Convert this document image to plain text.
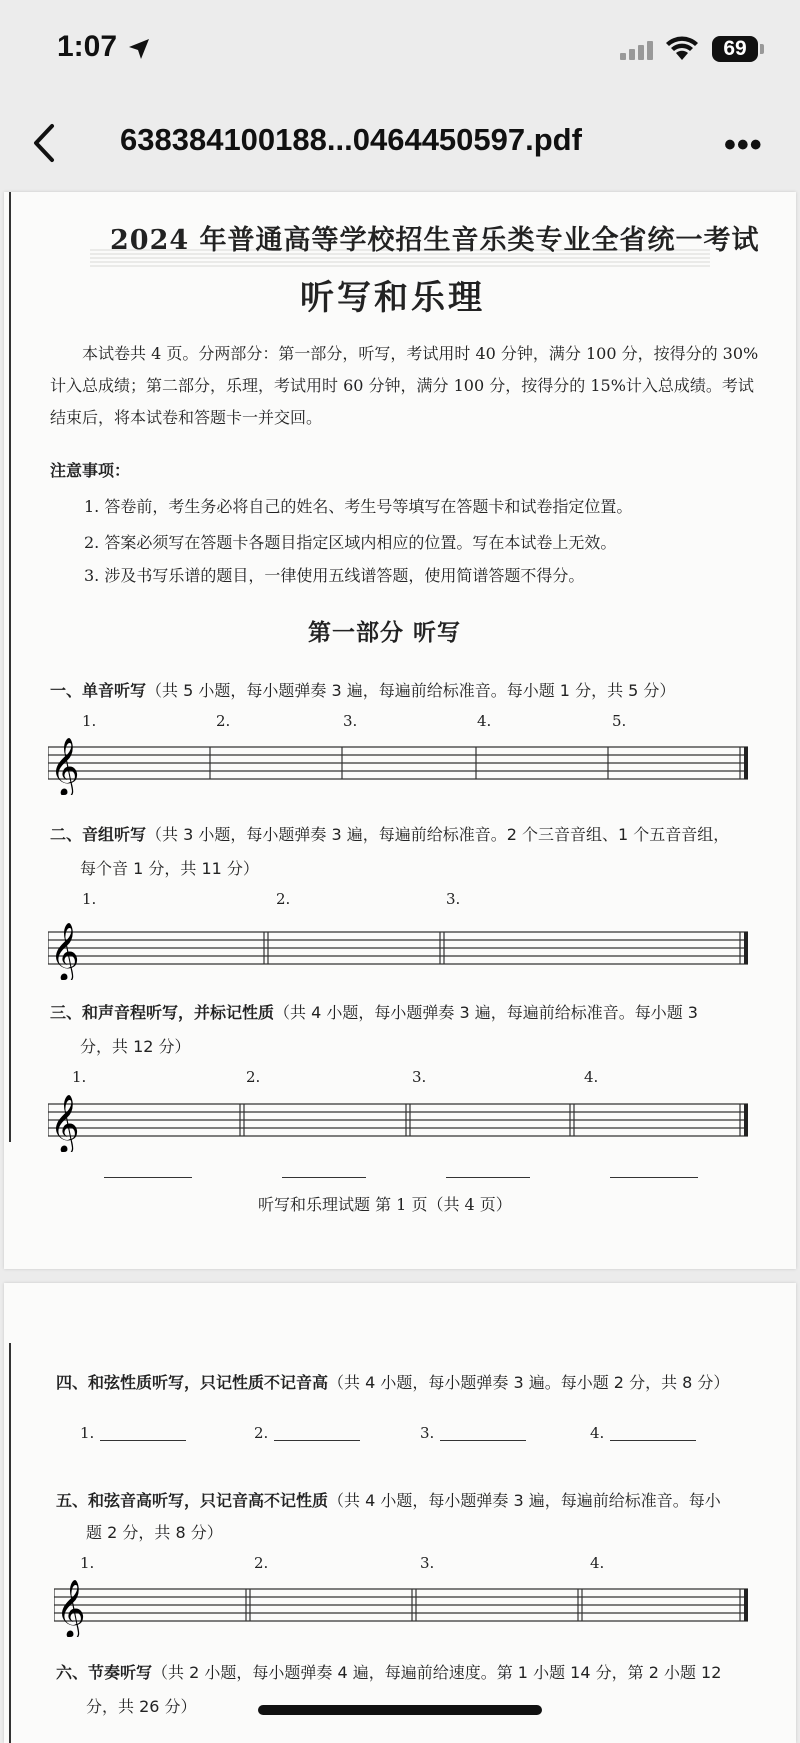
1:07	69
638384100188...0464450597.pdf	•••
2024 年普通高等学校招生音乐类专业全省统一考试
听写和乐理
本试卷共 4 页。分两部分：第一部分，听写，考试用时 40 分钟，满分 100 分，按得分的 30%计入总成绩；第二部分，乐理，考试用时 60 分钟，满分 100 分，按得分的 15%计入总成绩。考试结束后，将本试卷和答题卡一并交回。
注意事项：
1. 答卷前，考生务必将自己的姓名、考生号等填写在答题卡和试卷指定位置。
2. 答案必须写在答题卡各题目指定区域内相应的位置。写在本试卷上无效。
3. 涉及书写乐谱的题目，一律使用五线谱答题，使用简谱答题不得分。
第一部分 听写
一、单音听写（共 5 小题，每小题弹奏 3 遍，每遍前给标准音。每小题 1 分，共 5 分）
1.	2.	3.	4.	5.
𝄞
二、音组听写（共 3 小题，每小题弹奏 3 遍，每遍前给标准音。2 个三音音组、1 个五音音组，
每个音 1 分，共 11 分）
1.	2.	3.
𝄞
三、和声音程听写，并标记性质（共 4 小题，每小题弹奏 3 遍，每遍前给标准音。每小题 3
分，共 12 分）
1.	2.	3.	4.
𝄞
听写和乐理试题 第 1 页（共 4 页）
四、和弦性质听写，只记性质不记音高（共 4 小题，每小题弹奏 3 遍。每小题 2 分，共 8 分）
1.	2.	3.	4.
五、和弦音高听写，只记音高不记性质（共 4 小题，每小题弹奏 3 遍，每遍前给标准音。每小
题 2 分，共 8 分）
1.	2.	3.	4.
𝄞
六、节奏听写（共 2 小题，每小题弹奏 4 遍，每遍前给速度。第 1 小题 14 分，第 2 小题 12
分，共 26 分）
